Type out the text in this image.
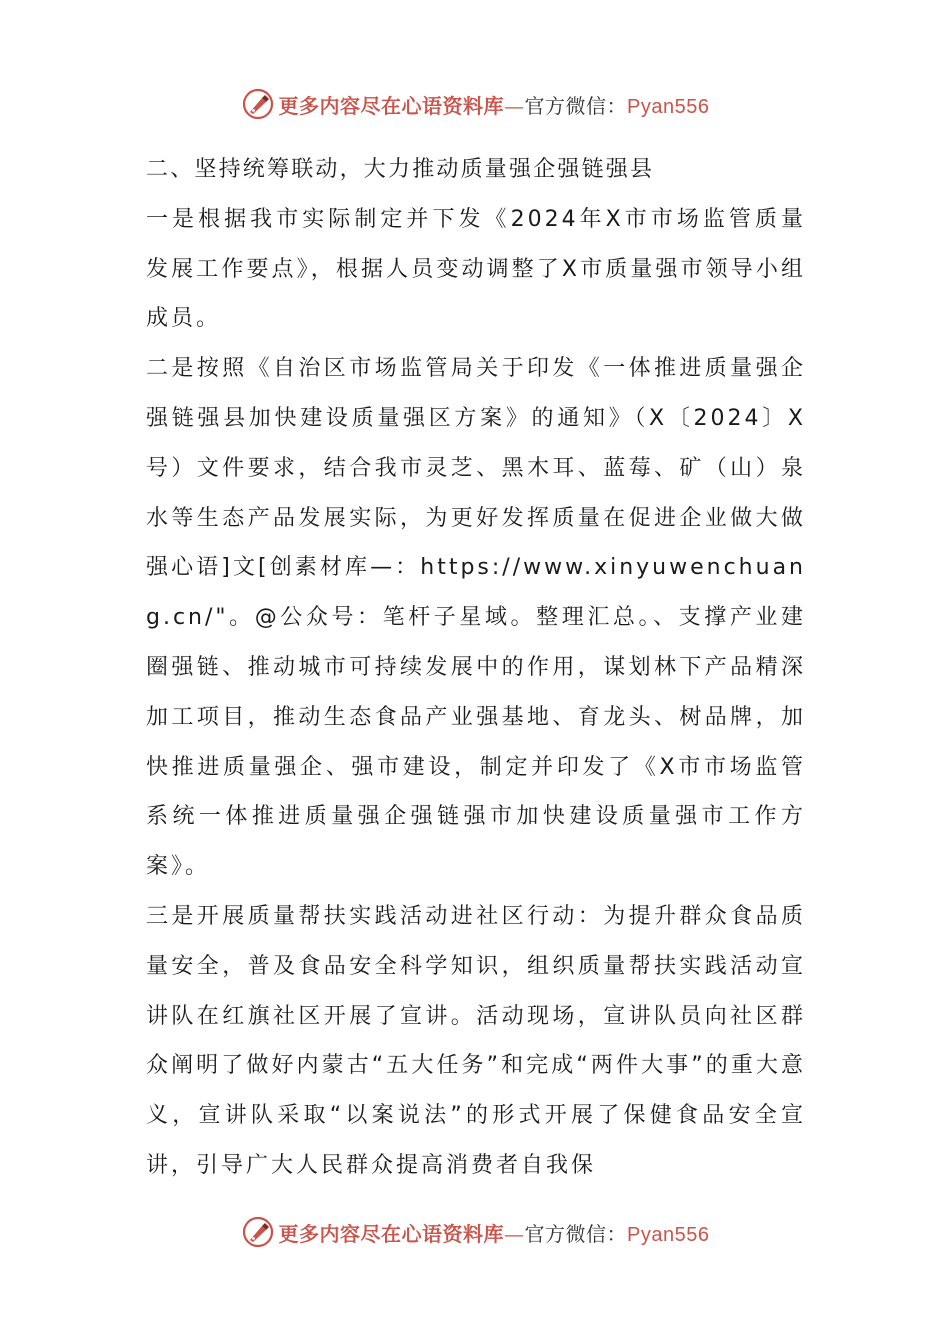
更多内容尽在心语资料库—官方微信：Pyan556

二、坚持统筹联动，大力推动质量强企强链强县

一是根据我市实际制定并下发《2024年X市市场监管质量发展工作要点》，根据人员变动调整了X市质量强市领导小组成员。

二是按照《自治区市场监管局关于印发《一体推进质量强企强链强县加快建设质量强区方案》的通知》（X〔2024〕X号）文件要求，结合我市灵芝、黑木耳、蓝莓、矿（山）泉水等生态产品发展实际，为更好发挥质量在促进企业做大做强心语]文[创素材库—：https://www.xinyuwenchuang.cn/"。@公众号：笔杆子星域。整理汇总。、支撑产业建圈强链、推动城市可持续发展中的作用，谋划林下产品精深加工项目，推动生态食品产业强基地、育龙头、树品牌，加快推进质量强企、强市建设，制定并印发了《X市市场监管系统一体推进质量强企强链强市加快建设质量强市工作方案》。

三是开展质量帮扶实践活动进社区行动：为提升群众食品质量安全，普及食品安全科学知识，组织质量帮扶实践活动宣讲队在红旗社区开展了宣讲。活动现场，宣讲队员向社区群众阐明了做好内蒙古“五大任务”和完成“两件大事”的重大意义，宣讲队采取“以案说法”的形式开展了保健食品安全宣讲，引导广大人民群众提高消费者自我保

更多内容尽在心语资料库—官方微信：Pyan556
